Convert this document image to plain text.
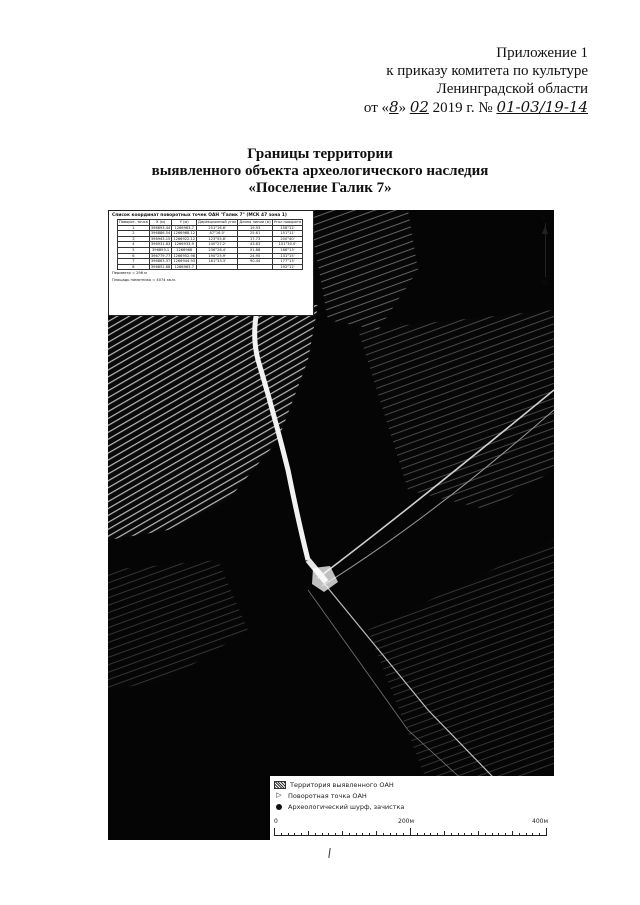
Приложение 1
к приказу комитета по культуре
Ленинградской области
от «8» 02 2019 г. № 01-03/19-14
Границы территории
выявленного объекта археологического наследия
«Поселение Галик 7»
Список координат поворотных точек ОАН "Галик 7" (МСК 47 зона 1)
Поворот. точка	X (м)	Y (м)	Дирекционный угол	Длина линии (м)	Угол поворота
1	396693.44	1266963.7	251°16.6'	19.93	158°12'
2	396886.54	1266968.12	87°16.0'	25.61	151°11'
3	396943.15	1266922.12	123°55.8'	17.73	200°40'
4	396931.83	1266933.9	140°27.2'	43.63	151°30.0'
5	396893.1	1266968	236°28.4'	51.88	168°13'
6	396779.77	1266952.98	190°25.9'	24.95	131°15'
7	396863.37	1266944.93	161°33.3'	90.44	177°13'
8	396852.88	1266963.7			192°12'
Периметр = 296 м
Площадь памятника = 4074 кв.м.
С
Ю
Территория выявленного ОАН
▷ Поворотная точка ОАН
Археологический шурф, зачистка
0	200м	400м
